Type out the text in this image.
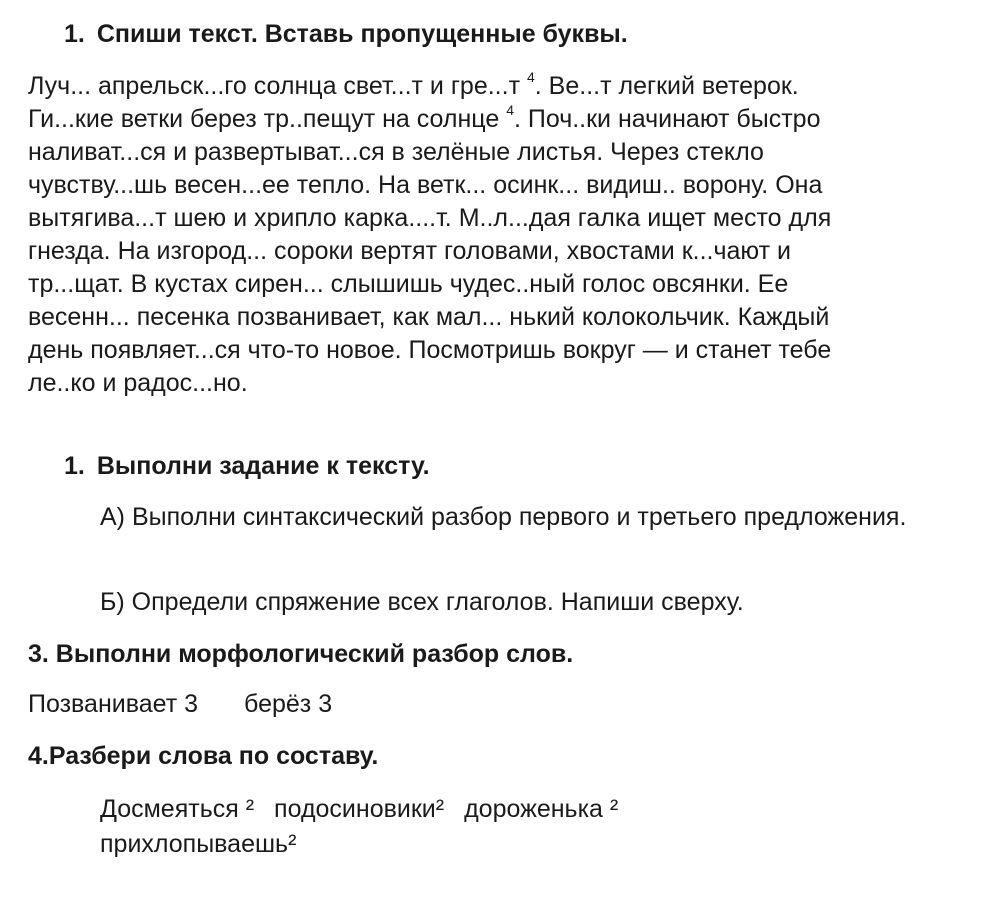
1. Спиши текст. Вставь пропущенные буквы.
Луч... апрельск...го солнца свет...т и гре...т $^4$. Ве...т легкий ветерок.
Ги...кие ветки берез тр..пещут на солнце $^4$. Поч..ки начинают быстро
наливат...ся и развертыват...ся в зелёные листья. Через стекло
чувству...шь весен...ее тепло. На ветк... осинк... видиш.. ворону. Она
вытягива...т шею и хрипло карка....т. М..л...дая галка ищет место для
гнезда. На изгород... сороки вертят головами, хвостами к...чают и
тр...щат. В кустах сирен... слышишь чудес..ный голос овсянки. Ее
весенн... песенка позванивает, как мал... нький колокольчик. Каждый
день появляет...ся что-то новое. Посмотришь вокруг — и станет тебе
ле..ко и радос...но.
1. Выполни задание к тексту.
А) Выполни синтаксический разбор первого и третьего предложения.
Б) Определи спряжение всех глаголов. Напиши сверху.
3. Выполни морфологический разбор слов.
Позванивает 3 берёз 3
4.Разбери слова по составу.
Досмеяться ² подосиновики² дороженька ²
прихлопываешь²
